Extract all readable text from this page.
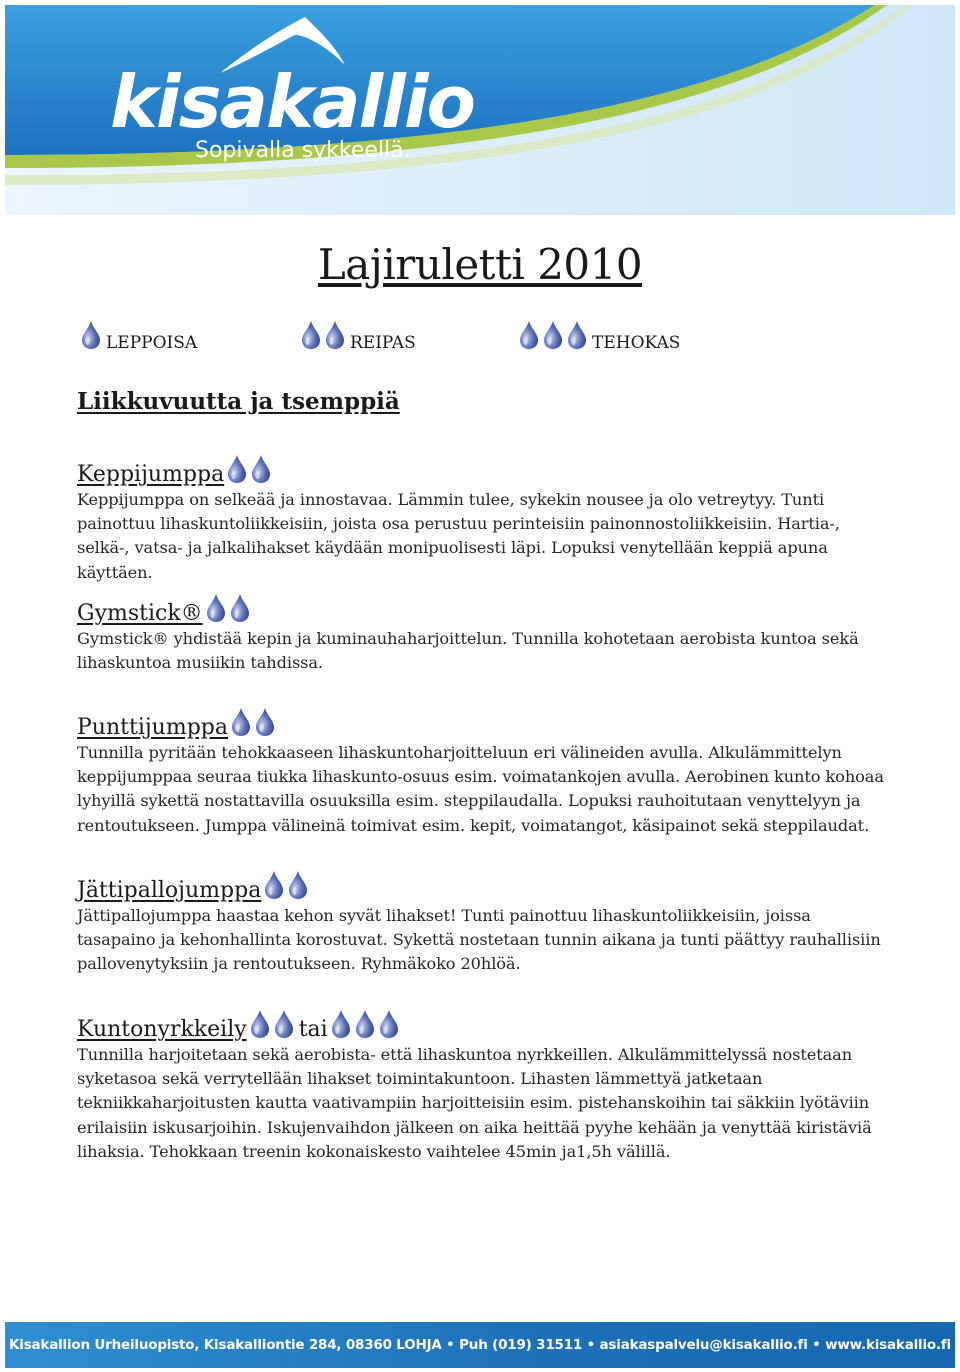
kisakallio
Sopivalla sykkeellä.
Lajiruletti 2010
LEPPOISA	REIPAS	TEHOKAS
Liikkuvuutta ja tsemppiä
Keppijumppa

Keppijumppa on selkeää ja innostavaa. Lämmin tulee, sykekin nousee ja olo vetreytyy. Tunti painottuu lihaskuntoliikkeisiin, joista osa perustuu perinteisiin painonnostoliikkeisiin. Hartia-, selkä-, vatsa- ja jalkalihakset käydään monipuolisesti läpi. Lopuksi venytellään keppiä apuna käyttäen.

Gymstick®

Gymstick® yhdistää kepin ja kuminauhaharjoittelun. Tunnilla kohotetaan aerobista kuntoa sekä lihaskuntoa musiikin tahdissa.

Punttijumppa

Tunnilla pyritään tehokkaaseen lihaskuntoharjoitteluun eri välineiden avulla. Alkulämmittelyn keppijumppaa seuraa tiukka lihaskunto-osuus esim. voimatankojen avulla. Aerobinen kunto kohoaa lyhyillä sykettä nostattavilla osuuksilla esim. steppilaudalla. Lopuksi rauhoitutaan venyttelyyn ja rentoutukseen. Jumppa välineinä toimivat esim. kepit, voimatangot, käsipainot sekä steppilaudat.

Jättipallojumppa

Jättipallojumppa haastaa kehon syvät lihakset! Tunti painottuu lihaskuntoliikkeisiin, joissa tasapaino ja kehonhallinta korostuvat. Sykettä nostetaan tunnin aikana ja tunti päättyy rauhallisiin pallovenytyksiin ja rentoutukseen. Ryhmäkoko 20hlöä.

Kuntonyrkkeily tai

Tunnilla harjoitetaan sekä aerobista- että lihaskuntoa nyrkkeillen. Alkulämmittelyssä nostetaan syketasoa sekä verrytellään lihakset toimintakuntoon. Lihasten lämmettyä jatketaan tekniikkaharjoitusten kautta vaativampiin harjoitteisiin esim. pistehanskoihin tai säkkiin lyötäviin erilaisiin iskusarjoihin. Iskujenvaihdon jälkeen on aika heittää pyyhe kehään ja venyttää kiristäviä lihaksia. Tehokkaan treenin kokonaiskesto vaihtelee 45min ja1,5h välillä.

Kisakallion Urheiluopisto, Kisakalliontie 284, 08360 LOHJA • Puh (019) 31511 • asiakaspalvelu@kisakallio.fi • www.kisakallio.fi
